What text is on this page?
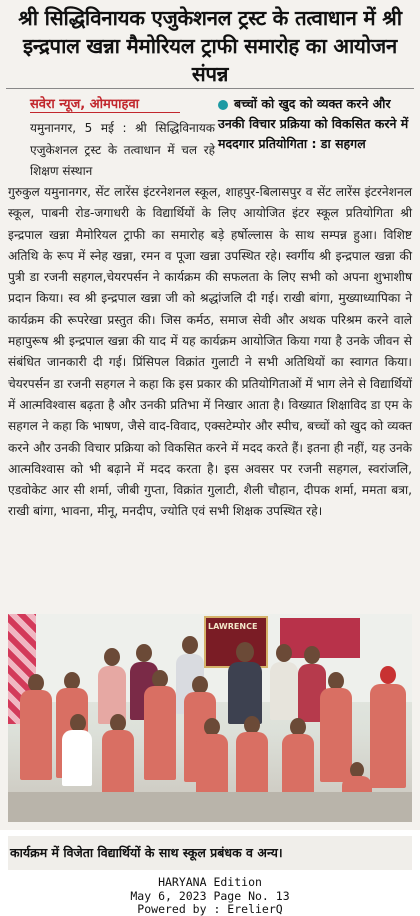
श्री सिद्धिविनायक एजुकेशनल ट्रस्ट के तत्वाधान में श्री इन्द्रपाल खन्ना मैमोरियल ट्राफी समारोह का आयोजन संपन्न
सवेरा न्यूज, ओमपाहवा	बच्चों को खुद को व्यक्त करने और उनकी विचार प्रक्रिया को विकसित करने में मददगार प्रतियोगिता : डा सहगल
यमुनानगर, 5 मई : श्री सिद्धिविनायक एजुकेशनल ट्रस्ट के तत्वाधान में चल रहे शिक्षण संस्थान
गुरुकुल यमुनानगर, सेंट लारेंस इंटरनेशनल स्कूल, शाहपुर-बिलासपुर व सेंट लारेंस इंटरनेशनल स्कूल, पाबनी रोड-जगाधरी के विद्यार्थियों के लिए आयोजित इंटर स्कूल प्रतियोगिता श्री इन्द्रपाल खन्ना मैमोरियल ट्राफी का समारोह बड़े हर्षोल्लास के साथ सम्पन्न हुआ। विशिष्ट अतिथि के रूप में स्नेह खन्ना, रमन व पूजा खन्ना उपस्थित रहे। स्वर्गीय श्री इन्द्रपाल खन्ना की पुत्री डा रजनी सहगल,चेयरपर्सन ने कार्यक्रम की सफलता के लिए सभी को अपना शुभाशीष प्रदान किया। स्व श्री इन्द्रपाल खन्ना जी को श्रद्धांजलि दी गई। राखी बांगा, मुख्याध्यापिका ने कार्यक्रम की रूपरेखा प्रस्तुत की। जिस कर्मठ, समाज सेवी और अथक परिश्रम करने वाले महापुरूष श्री इन्द्रपाल खन्ना की याद में यह कार्यक्रम आयोजित किया गया है उनके जीवन से संबंधित जानकारी दी गई। प्रिंसिपल विक्रांत गुलाटी ने सभी अतिथियों का स्वागत किया। चेयरपर्सन डा रजनी सहगल ने कहा कि इस प्रकार की प्रतियोगिताओं में भाग लेने से विद्यार्थियों में आत्मविश्वास बढ़ता है और उनकी प्रतिभा में निखार आता है। विख्यात शिक्षाविद डा एम के सहगल ने कहा कि भाषण, जैसे वाद-विवाद, एक्सटेम्पोर और स्पीच, बच्चों को खुद को व्यक्त करने और उनकी विचार प्रक्रिया को विकसित करने में मदद करते हैं। इतना ही नहीं, यह उनके आत्मविश्वास को भी बढ़ाने में मदद करता है। इस अवसर पर रजनी सहगल, स्वरांजलि, एडवोकेट आर सी शर्मा, जीबी गुप्ता, विक्रांत गुलाटी, शैली चौहान, दीपक शर्मा, ममता बत्रा, राखी बांगा, भावना, मीनू, मनदीप, ज्योति एवं सभी शिक्षक उपस्थित रहे।
LAWRENCE
कार्यक्रम में विजेता विद्यार्थियों के साथ स्कूल प्रबंधक व अन्य।
HARYANA Edition
May 6, 2023 Page No. 13
Powered by : ErelierQ
